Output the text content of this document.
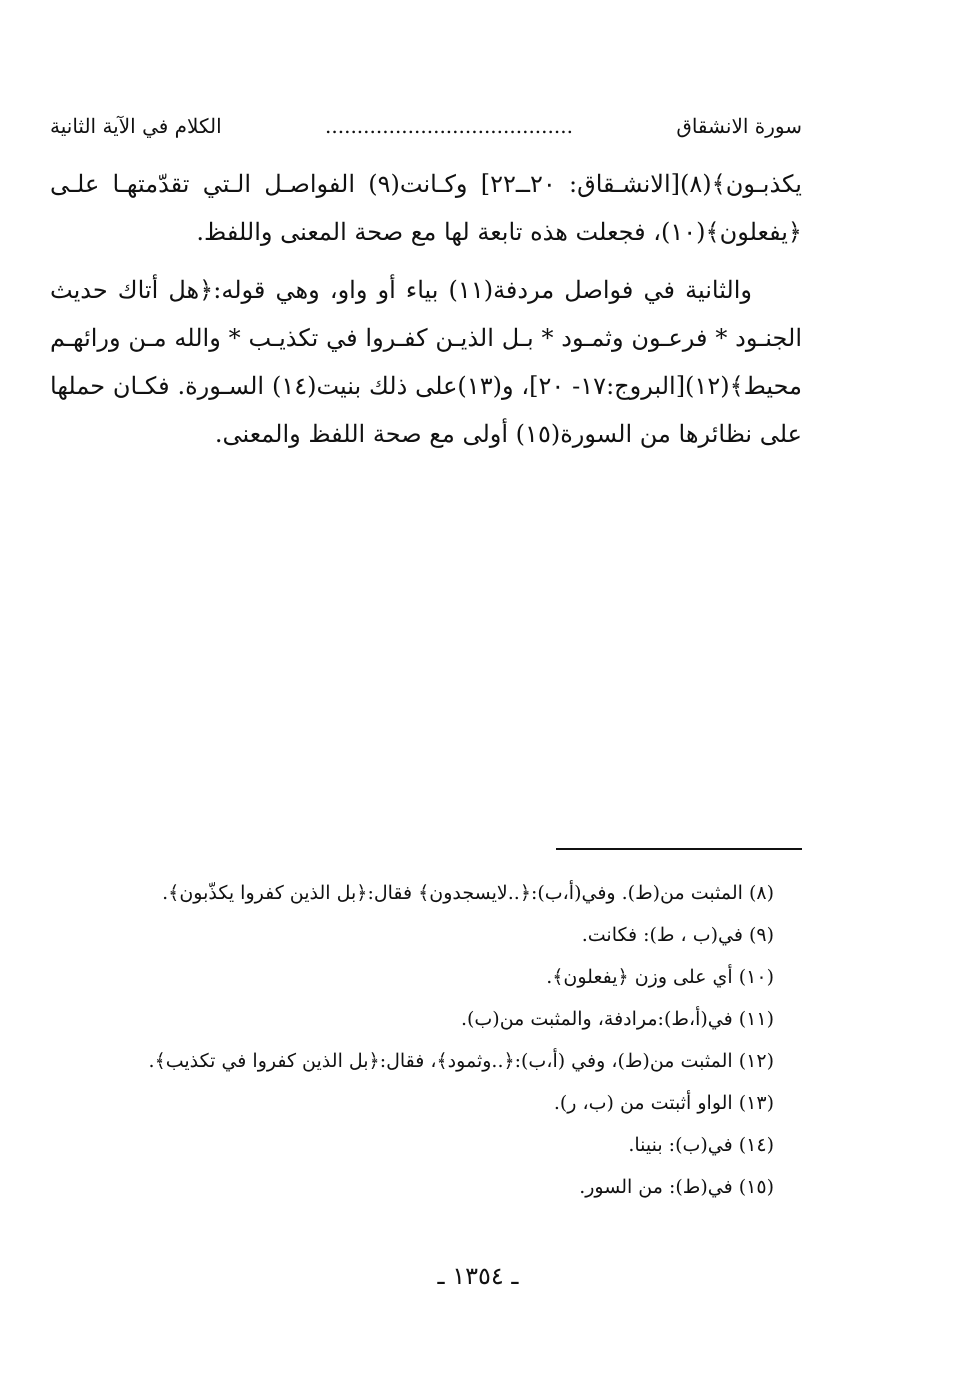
سورة الانشقاق
.......................................
الكلام في الآية الثانية

يكذبـون﴾(٨)[الانشـقاق: ٢٠ــ٢٢] وكـانت(٩) الفواصـل الـتي تقدّمتهـا علـى ﴿يفعلون﴾(١٠)، فجعلت هذه تابعة لها مع صحة المعنى واللفظ.

والثانية في فواصل مردفة(١١) بياء أو واو، وهي قوله:﴿هل أتاك حديث الجنـود * فرعـون وثمـود * بـل الذيـن كفـروا في تكذيـب * والله مـن ورائهـم محيط﴾(١٢)[البروج:١٧- ٢٠]، و(١٣)على ذلك بنيت(١٤) السـورة. فكـان حملها على نظائرها من السورة(١٥) أولى مع صحة اللفظ والمعنى.

(٨) المثبت من(ط). وفي(أ،ب):﴿..لايسجدون﴾ فقال:﴿بل الذين كفروا يكذّبون﴾.
(٩) في(ب ، ط): فكانت.
(١٠) أي على وزن ﴿يفعلون﴾.
(١١) في(أ،ط):مرادفة، والمثبت من(ب).
(١٢) المثبت من(ط)، وفي (أ،ب):﴿..وثمود﴾، فقال:﴿بل الذين كفروا في تكذيب﴾.
(١٣) الواو أثبتت من (ب، ر).
(١٤) في(ب): بنينا.
(١٥) في(ط): من السور.
ـ ١٣٥٤ ـ
